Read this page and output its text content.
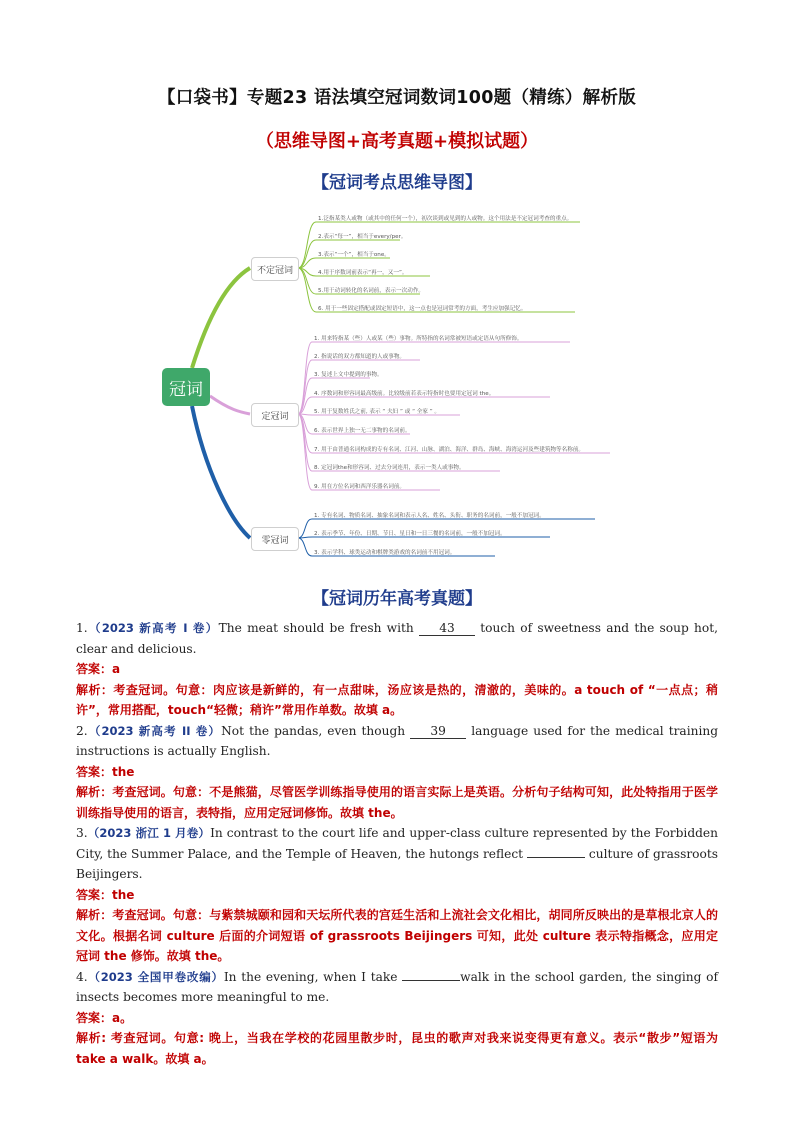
【口袋书】专题23 语法填空冠词数词100题（精练）解析版
（思维导图+高考真题+模拟试题）
【冠词考点思维导图】
冠词
不定冠词
定冠词
零冠词
1.泛指某类人或物（或其中的任何一个），初次谈到或见到的人或物。这个用法是不定冠词考查的重点。
2.表示“每一”，相当于every/per。
3.表示“一个”，相当于one。
4.用于序数词前表示“再一，又一”。
5.用于动词转化的名词前，表示一次动作。
6. 用于一些固定搭配或固定短语中，这一点也是冠词常考的方面，考生应加强记忆。
1. 用来特指某（些）人或某（些）事物。所特指的名词常被短语或定语从句所修饰。
2. 指说话的双方都知道的人或事物。
3. 复述上文中提到的事物。
4. 序数词和形容词最高级前。比较级前若表示特指时也要用定冠词 the。
5. 用于复数姓氏之前, 表示 “ 夫妇 ” 或 “ 全家 ” 。
6. 表示世界上独一无二事物的名词前。
7. 用于由普通名词构成的专有名词、江河、山脉、湖泊、海洋、群岛、海峡、海湾运河及些建筑物等名称前。
8. 定冠词the和形容词、过去分词连用，表示一类人或事物。
9. 用在方位名词和西洋乐器名词前。
1. 专有名词、物质名词、抽象名词和表示人名、姓名、头衔、职务的名词前，一般不加冠词。
2. 表示季节、年份、日期、节日、星日和一日三餐的名词前，一般不加冠词。
3. 表示学科、球类运动和棋牌类游戏的名词前不用冠词。
【冠词历年高考真题】
1.（2023 新高考 I 卷）The meat should be fresh with 43 touch of sweetness and the soup hot, clear and delicious.
答案：a
解析：考查冠词。句意：肉应该是新鲜的，有一点甜味，汤应该是热的，清澈的，美味的。a touch of “一点点；稍许”，常用搭配，touch“轻微；稍许”常用作单数。故填 a。
2.（2023 新高考 II 卷）Not the pandas, even though 39 language used for the medical training instructions is actually English.
答案：the
解析：考查冠词。句意：不是熊猫，尽管医学训练指导使用的语言实际上是英语。分析句子结构可知，此处特指用于医学训练指导使用的语言，表特指，应用定冠词修饰。故填 the。
3.（2023 浙江 1 月卷）In contrast to the court life and upper-class culture represented by the Forbidden City, the Summer Palace, and the Temple of Heaven, the hutongs reflect	culture of grassroots Beijingers.
答案：the
解析：考查冠词。句意：与紫禁城颐和园和天坛所代表的宫廷生活和上流社会文化相比，胡同所反映出的是草根北京人的文化。根据名词 culture 后面的介词短语 of grassroots Beijingers 可知，此处 culture 表示特指概念，应用定冠词 the 修饰。故填 the。
4.（2023 全国甲卷改编）In the evening, when I take	walk in the school garden, the singing of insects becomes more meaningful to me.
答案：a。
解析: 考查冠词。句意: 晚上，当我在学校的花园里散步时，昆虫的歌声对我来说变得更有意义。表示“散步”短语为 take a walk。故填 a。
